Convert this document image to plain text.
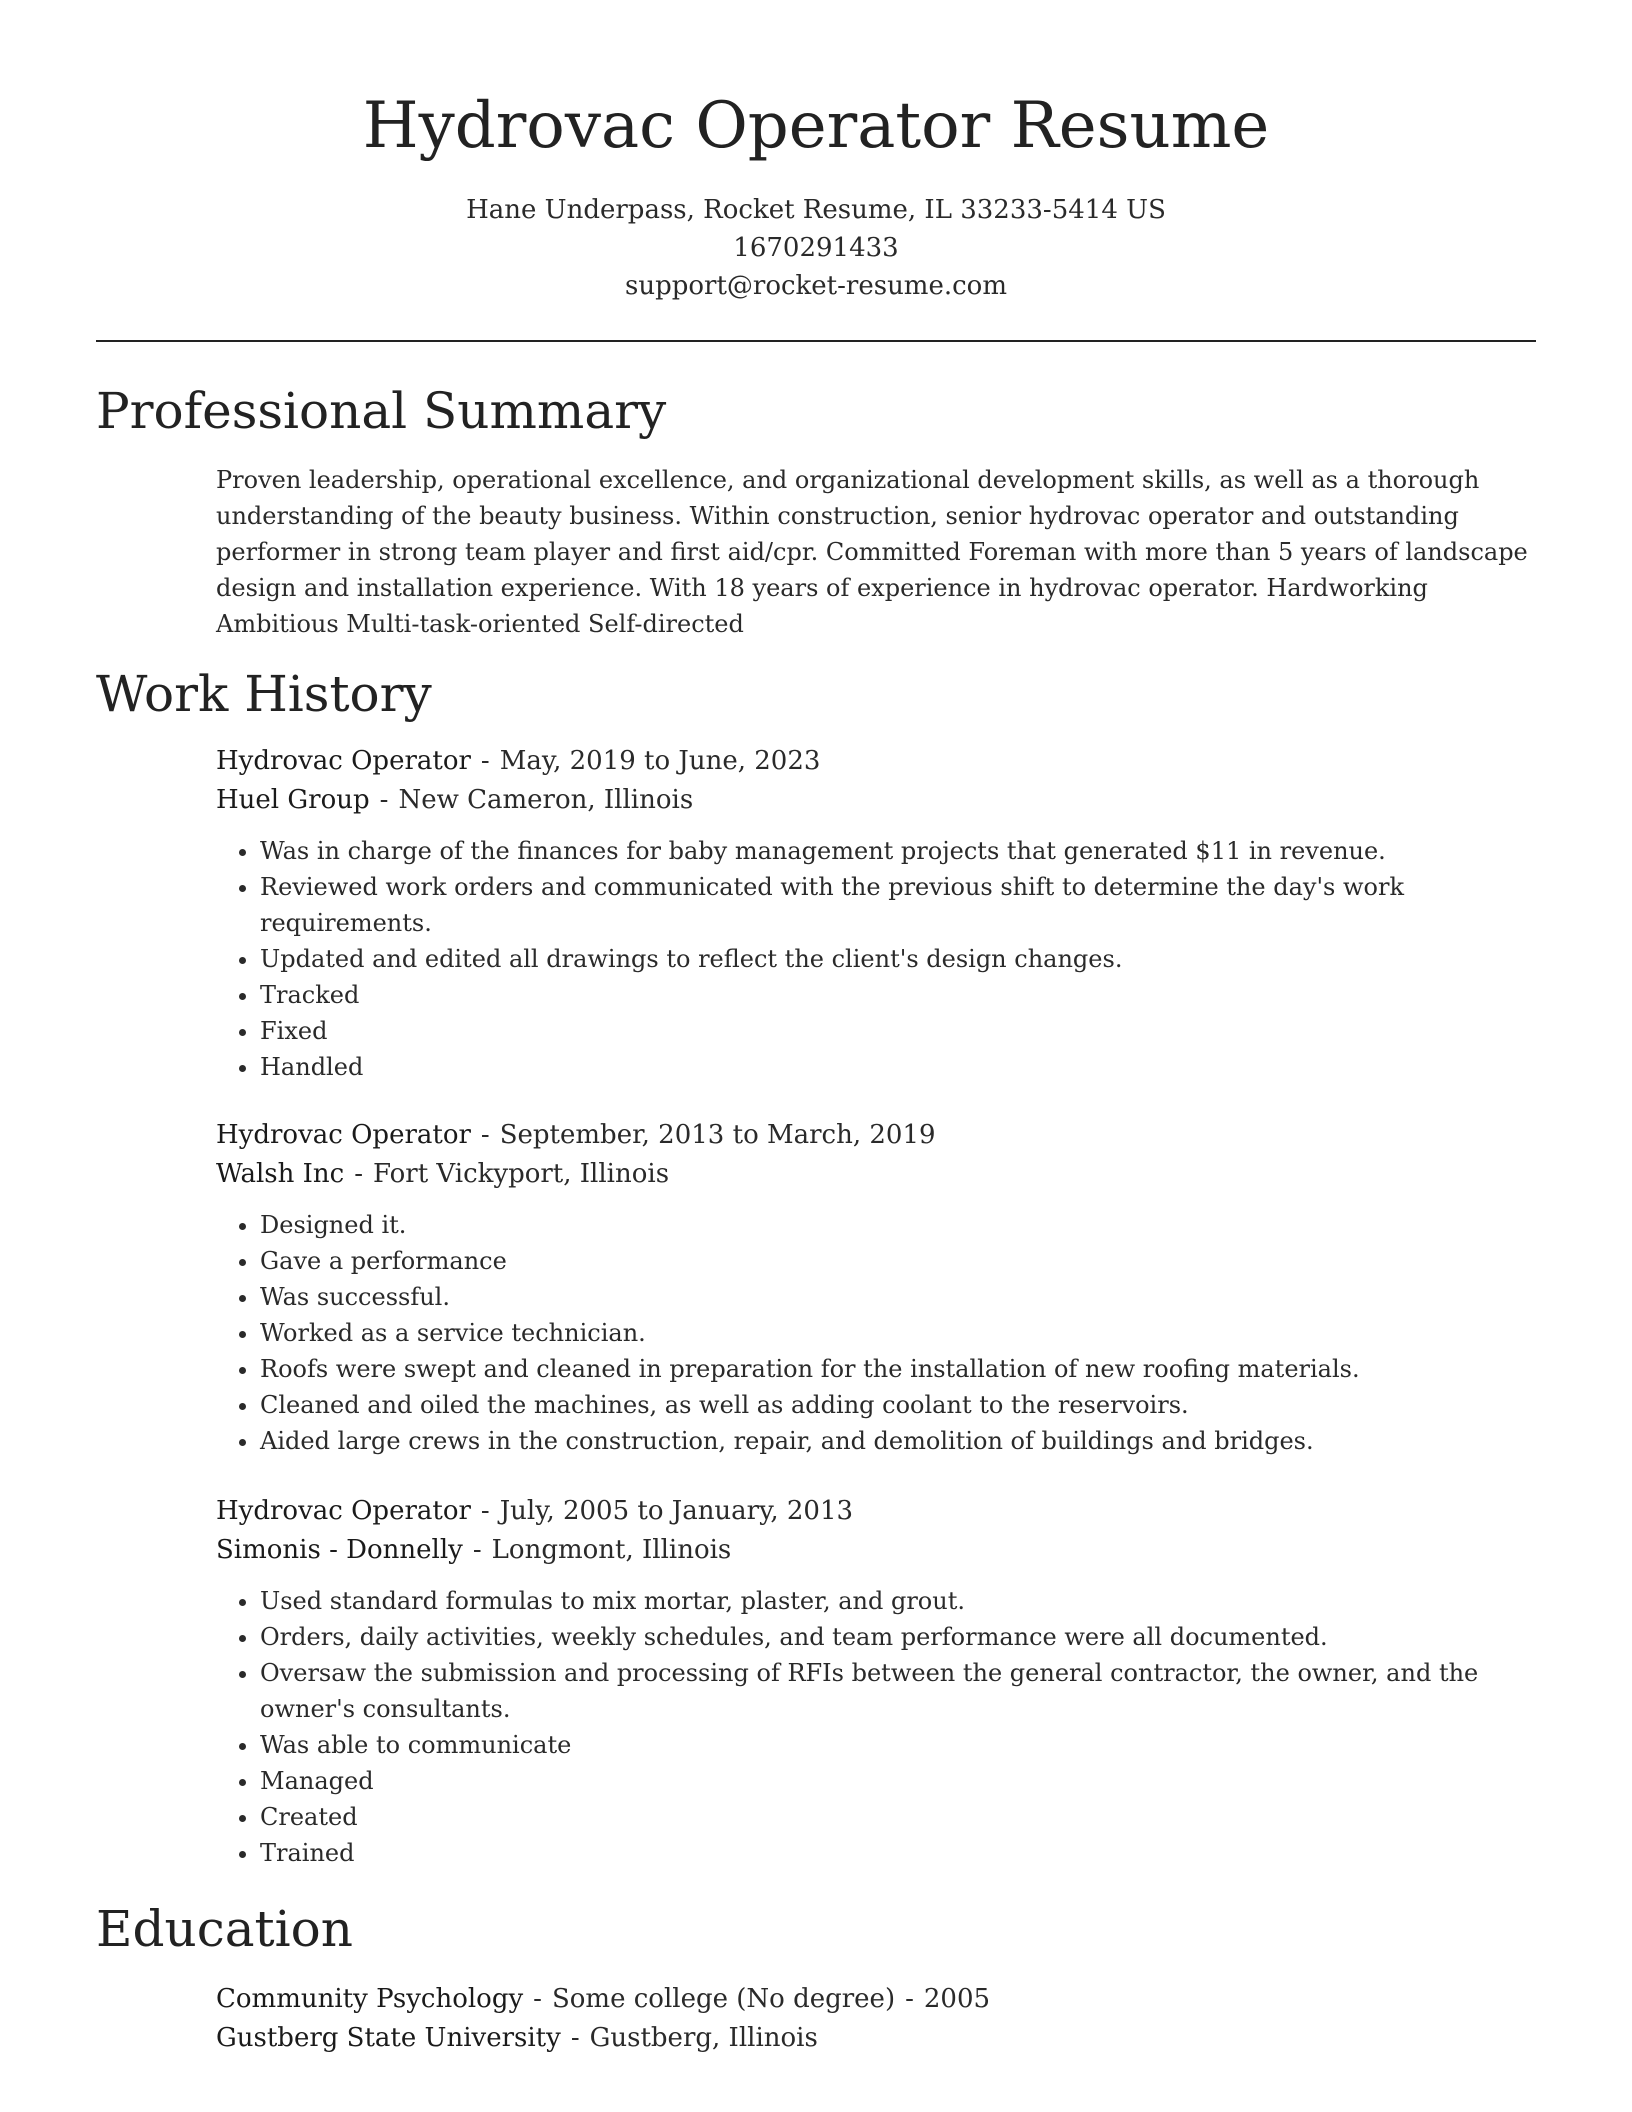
Hydrovac Operator Resume
Hane Underpass, Rocket Resume, IL 33233-5414 US
1670291433
support@rocket-resume.com
Professional Summary
Proven leadership, operational excellence, and organizational development skills, as well as a thorough understanding of the beauty business. Within construction, senior hydrovac operator and outstanding performer in strong team player and first aid/cpr. Committed Foreman with more than 5 years of landscape design and installation experience. With 18 years of experience in hydrovac operator. Hardworking Ambitious Multi-task-oriented Self-directed
Work History
Hydrovac Operator - May, 2019 to June, 2023
Huel Group - New Cameron, Illinois
• Was in charge of the finances for baby management projects that generated $11 in revenue.
• Reviewed work orders and communicated with the previous shift to determine the day's work requirements.
• Updated and edited all drawings to reflect the client's design changes.
• Tracked
• Fixed
• Handled
Hydrovac Operator - September, 2013 to March, 2019
Walsh Inc - Fort Vickyport, Illinois
• Designed it.
• Gave a performance
• Was successful.
• Worked as a service technician.
• Roofs were swept and cleaned in preparation for the installation of new roofing materials.
• Cleaned and oiled the machines, as well as adding coolant to the reservoirs.
• Aided large crews in the construction, repair, and demolition of buildings and bridges.
Hydrovac Operator - July, 2005 to January, 2013
Simonis - Donnelly - Longmont, Illinois
• Used standard formulas to mix mortar, plaster, and grout.
• Orders, daily activities, weekly schedules, and team performance were all documented.
• Oversaw the submission and processing of RFIs between the general contractor, the owner, and the owner's consultants.
• Was able to communicate
• Managed
• Created
• Trained
Education
Community Psychology - Some college (No degree) - 2005
Gustberg State University - Gustberg, Illinois
